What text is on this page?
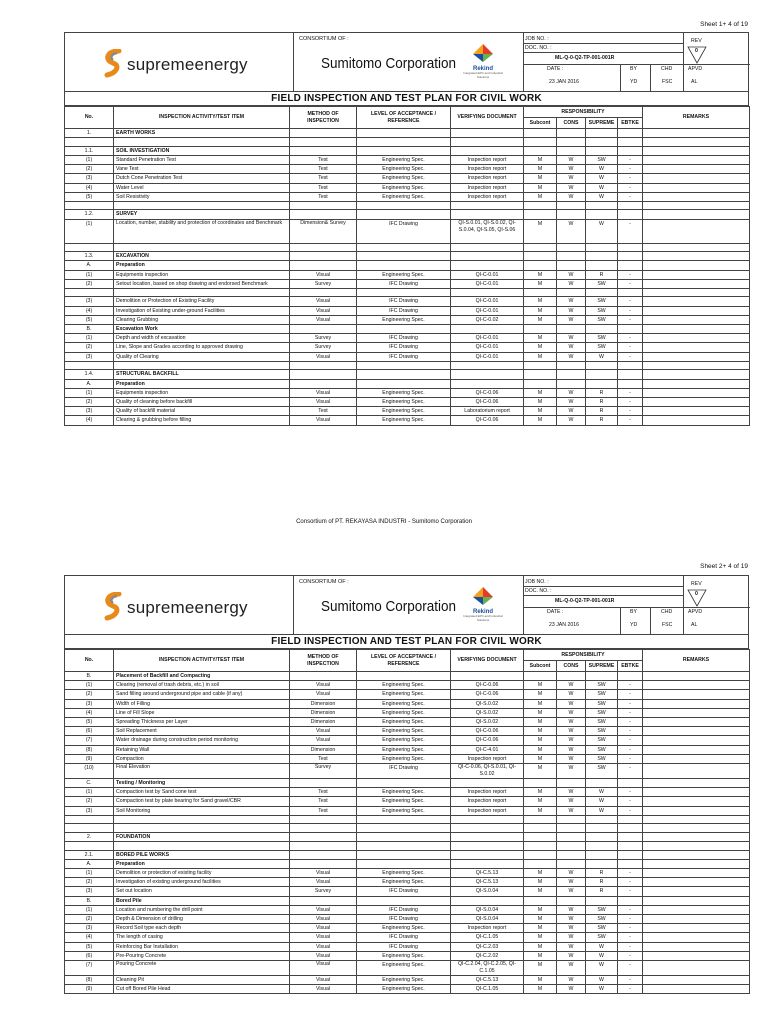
Sheet 1+ 4 of 19
supremeenergy
CONSORTIUM OF :
Sumitomo Corporation	Rekind
Integrated EPC and Industrial Solutions
JOB NO. :
DOC. NO. :
ML-Q-0-Q2-TP-001-001R
DATE :
23 JAN 2016
BY
YD
CHD
FSC
APVD
AL
REV
0
FIELD INSPECTION AND TEST PLAN FOR CIVIL WORK
No.	INSPECTION ACTIVITY/TEST ITEM	METHOD OF INSPECTION	LEVEL OF ACCEPTANCE / REFERENCE	VERIFYING DOCUMENT	RESPONSIBILITY				REMARKS
					Subcont	CONS	SUPREME	EBTKE	
1.	EARTH WORKS								

1.1.	SOIL INVESTIGATION								
(1)	Standard Penetration Test	Test	Engineering Spec.	Inspection report	M	W	SW	-	
(2)	Vane Test	Test	Engineering Spec.	Inspection report	M	W	W	-	
(3)	Dutch Cone Penetration Test	Test	Engineering Spec.	Inspection report	M	W	W	-	
(4)	Water Level	Test	Engineering Spec.	Inspection report	M	W	W	-	
(5)	Soil Resistivity	Test	Engineering Spec.	Inspection report	M	W	W	-	

1.2.	SURVEY								
(1)	Location, number, stability and protection of coordinates and Benchmark	Dimension& Survey	IFC Drawing	QI-S.0.01, QI-S.0.02, QI-S.0.04, QI-S.05, QI-S.06	M	W	W	-	

1.3.	EXCAVATION								
A.	Preparation								
(1)	Equipments inspection	Visual	Engineering Spec.	QI-C-0.01	M	W	R	-	
(2)	Setout location, based on shop drawing and endorsed Benchmark	Survey	IFC Drawing	QI-C-0.01	M	W	SW	-	

(3)	Demolition or Protection of Existing Facility	Visual	IFC Drawing	QI-C-0.01	M	W	SW	-	
(4)	Investigation of Existing under-ground Facilities	Visual	IFC Drawing	QI-C-0.01	M	W	SW	-	
(5)	Clearing Grubbing	Visual	Engineering Spec.	QI-C-0.02	M	W	SW	-	
B.	Excavation Work								
(1)	Depth and width of excavation	Survey	IFC Drawing	QI-C-0.01	M	W	SW	-	
(2)	Line, Slope and Grades according to approved drawing	Survey	IFC Drawing	QI-C-0.01	M	W	SW	-	
(3)	Quality of Clearing	Visual	IFC Drawing	QI-C-0.01	M	W	W	-	

1.4.	STRUCTURAL BACKFILL								
A.	Preparation								
(1)	Equipments inspection	Visual	Engineering Spec.	QI-C-0.06	M	W	R	-	
(2)	Quality of cleaning before backfill	Visual	Engineering Spec.	QI-C-0.06	M	W	R	-	
(3)	Quality of backfill material	Test	Engineering Spec.	Laboratorium report	M	W	R	-	
(4)	Clearing & grubbing before filling	Visual	Engineering Spec.	QI-C-0.06	M	W	R	-	
Consortium of PT. REKAYASA INDUSTRI - Sumitomo Corporation
Sheet 2+ 4 of 19
supremeenergy
CONSORTIUM OF :
Sumitomo Corporation	Rekind
Integrated EPC and Industrial Solutions
JOB NO. :
DOC. NO. :
ML-Q-0-Q2-TP-001-001R
DATE :
23 JAN 2016
BY
YD
CHD
FSC
APVD
AL
REV
0
FIELD INSPECTION AND TEST PLAN FOR CIVIL WORK
No.	INSPECTION ACTIVITY/TEST ITEM	METHOD OF INSPECTION	LEVEL OF ACCEPTANCE / REFERENCE	VERIFYING DOCUMENT	RESPONSIBILITY				REMARKS
					Subcont	CONS	SUPREME	EBTKE	
B.	Placement of Backfill and Compacting								
(1)	Clearing (removal of trash debris, etc.) in soil	Visual	Engineering Spec.	QI-C-0.06	M	W	SW	-	
(2)	Sand filling around underground pipe and cable (if any)	Visual	Engineering Spec.	QI-C-0.06	M	W	SW	-	
(3)	Width of Filling	Dimension	Engineering Spec.	QI-S.0.02	M	W	SW	-	
(4)	Line of Fill Slope	Dimension	Engineering Spec.	QI-S.0.02	M	W	SW	-	
(5)	Spreading Thickness per Layer	Dimension	Engineering Spec.	QI-S.0.02	M	W	SW	-	
(6)	Soil Replacement	Visual	Engineering Spec.	QI-C-0.06	M	W	SW	-	
(7)	Water drainage during construction period monitoring	Visual	Engineering Spec.	QI-C-0.06	M	W	SW	-	
(8)	Retaining Wall	Dimension	Engineering Spec.	QI-C-4.01	M	W	SW	-	
(9)	Compaction	Test	Engineering Spec.	Inspection report	M	W	SW	-	
(10)	Final Elevation	Survey	IFC Drawing	QI-C-0.06, QI-S.0.01, QI-S.0.02	M	W	SW	-	
C.	Testing / Monitoring								
(1)	Compaction test by Sand cone test	Test	Engineering Spec.	Inspection report	M	W	W	-	
(2)	Compaction test by plate bearing for Sand gravel/CBR	Test	Engineering Spec.	Inspection report	M	W	W	-	
(3)	Soil Monitoring	Test	Engineering Spec.	Inspection report	M	W	W	-	

2.	FOUNDATION								

2.1.	BORED PILE WORKS								
A.	Preparation								
(1)	Demolition or protection of existing facility	Visual	Engineering Spec.	QI-C.5.13	M	W	R	-	
(2)	Investigation of existing underground facilities	Visual	Engineering Spec.	QI-C.5.13	M	W	R	-	
(3)	Set out location	Survey	IFC Drawing	QI-S.0.04	M	W	R	-	
B.	Bored Pile								
(1)	Location and numbering the drill point	Visual	IFC Drawing	QI-S.0.04	M	W	SW	-	
(2)	Depth & Dimension of drilling	Visual	IFC Drawing	QI-S.0.04	M	W	SW	-	
(3)	Record Soil type each depth	Visual	Engineering Spec.	Inspection report	M	W	SW	-	
(4)	The length of casing	Visual	IFC Drawing	QI-C.1.05	M	W	SW	-	
(5)	Reinforcing Bar Installation	Visual	IFC Drawing	QI-C.2.03	M	W	W	-	
(6)	Pre-Pouring Concrete	Visual	Engineering Spec.	QI-C.2.02	M	W	W	-	
(7)	Pouring Concrete	Visual	Engineering Spec.	QI-C.2.04, QI-C.2.05, QI-C.1.05	M	W	W	-	
(8)	Cleaning Pit	Visual	Engineering Spec.	QI-C.5.13	M	W	W	-	
(9)	Cut off Bored Pile Head	Visual	Engineering Spec.	QI-C.1.05	M	W	W	-	
